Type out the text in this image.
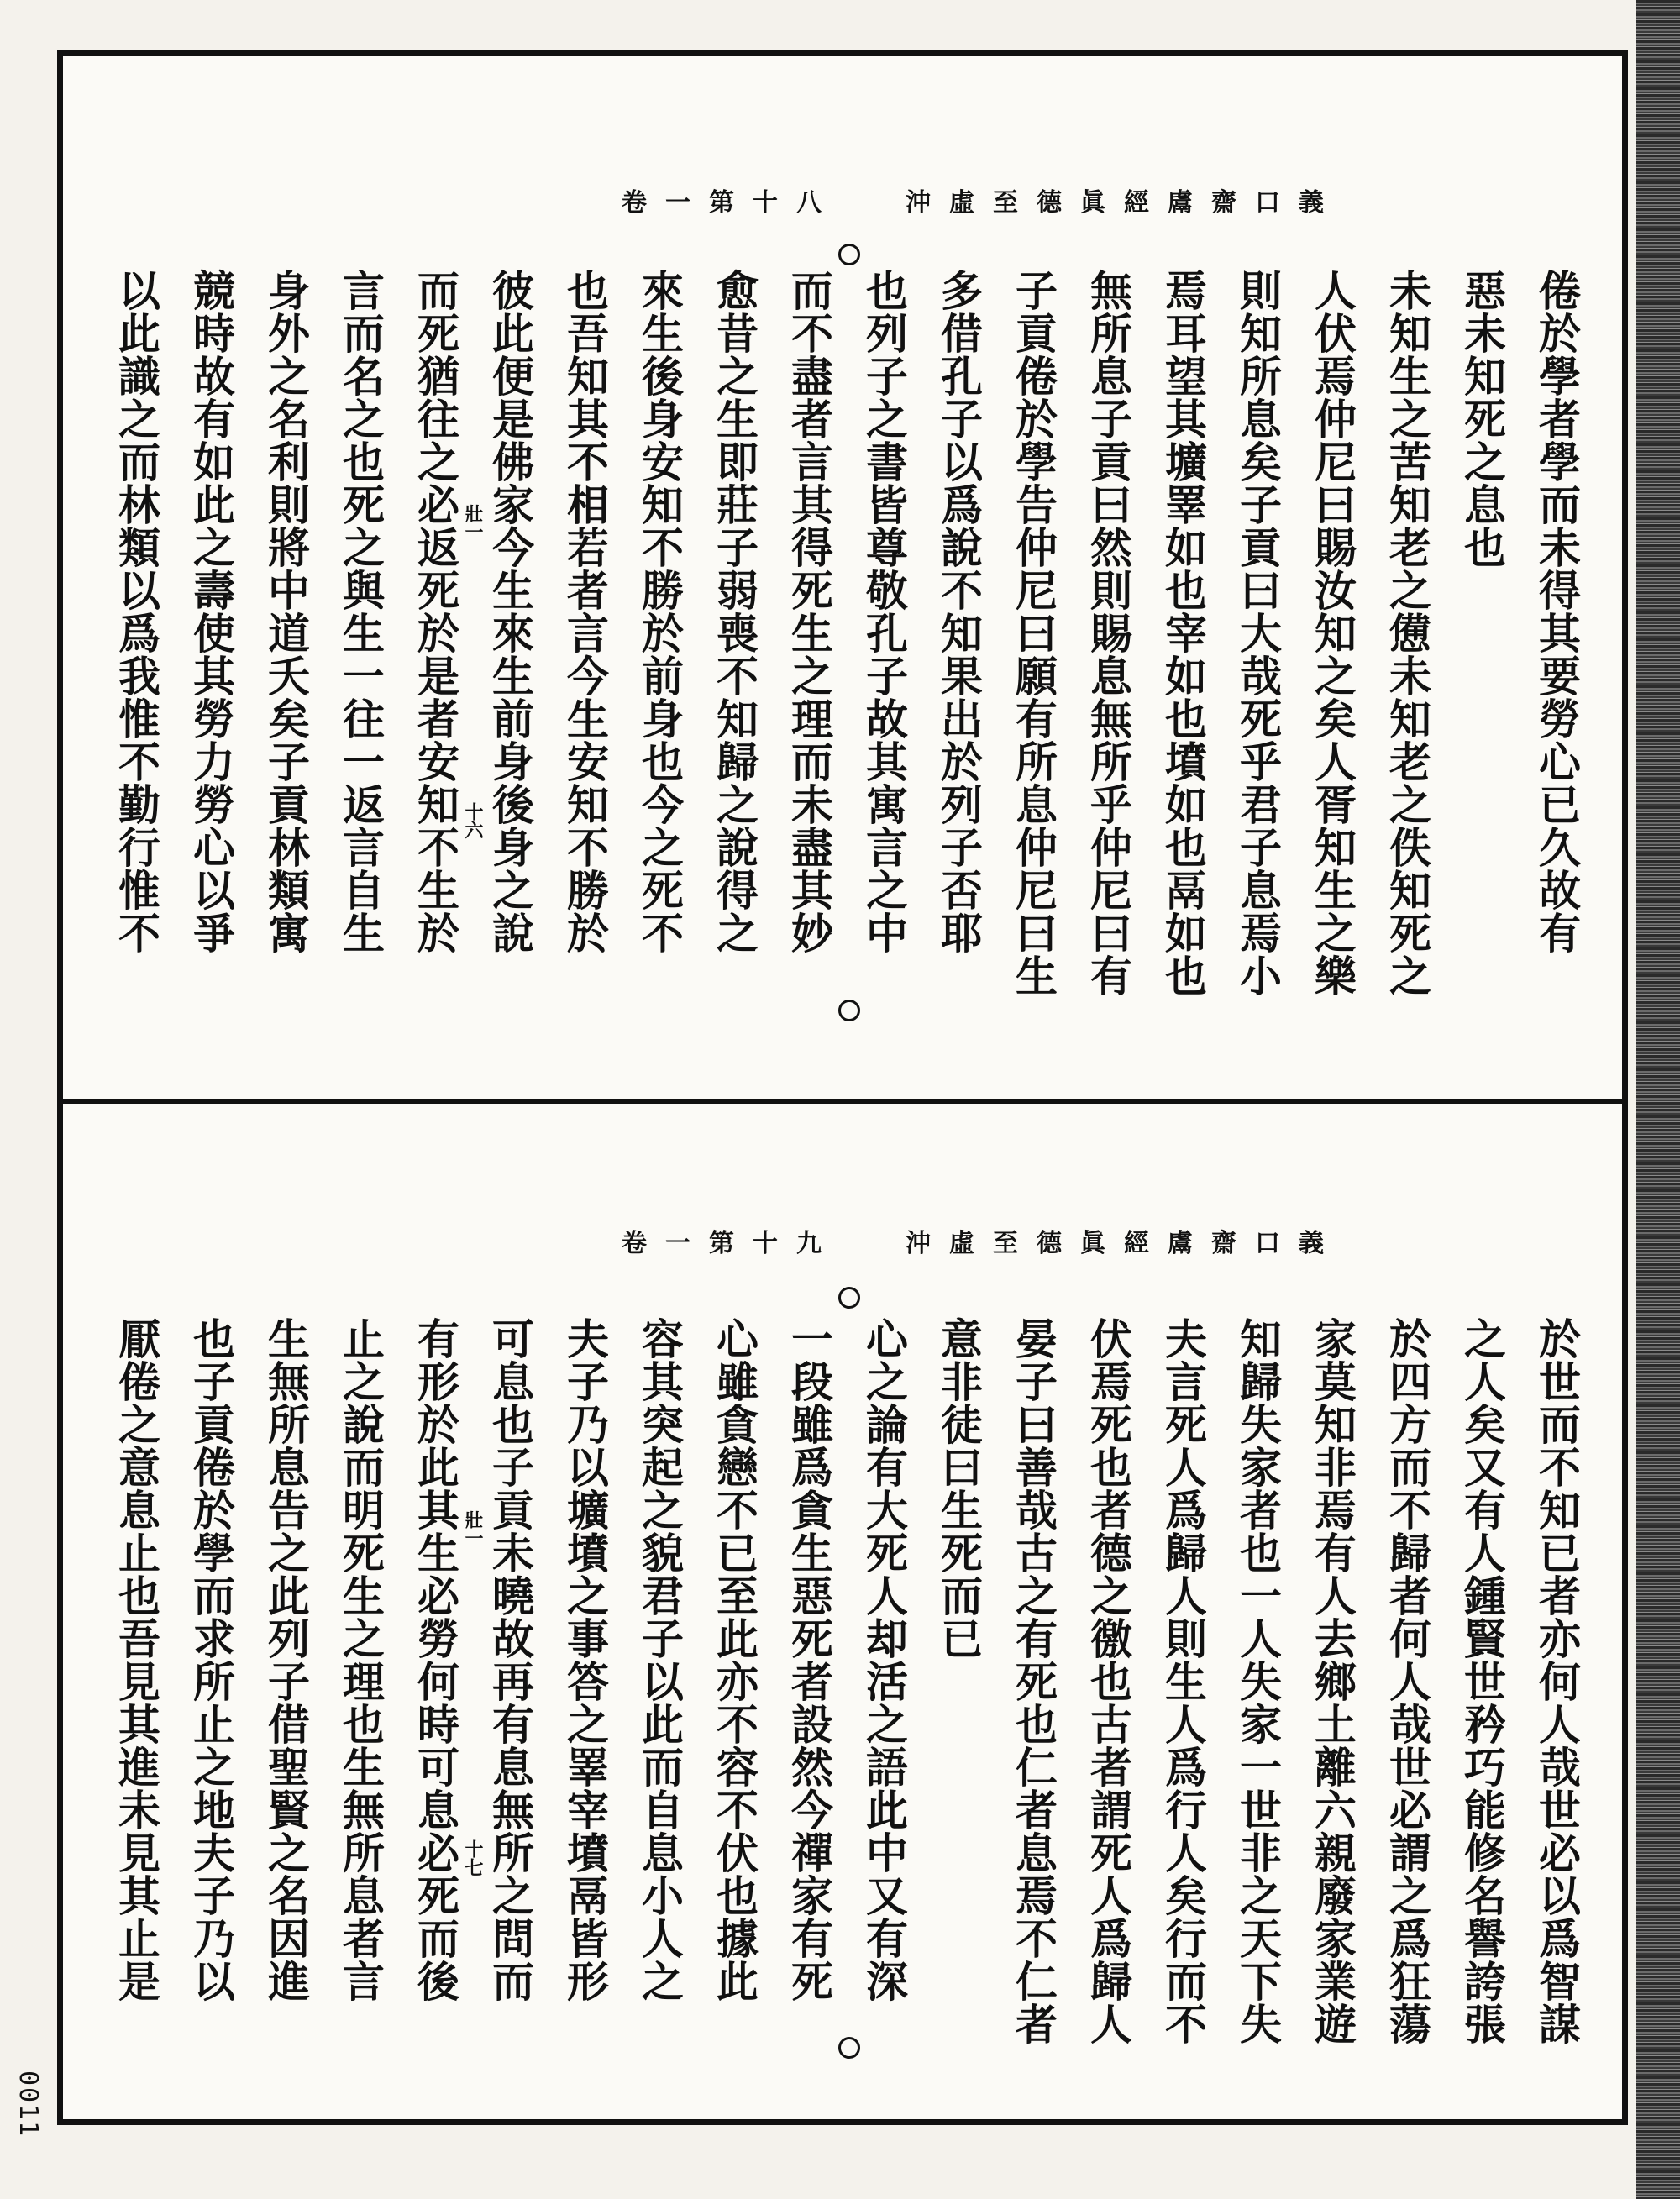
沖虛至德眞經鬳齋口義
卷一第十八
倦於學者學而未得其要勞心已久故有
惡未知死之息也
未知生之苦知老之憊未知老之佚知死之
人伏焉仲尼曰賜汝知之矣人胥知生之樂
則知所息矣子貢曰大哉死乎君子息焉小
焉耳望其壙睪如也宰如也墳如也鬲如也
無所息子貢曰然則賜息無所乎仲尼曰有
子貢倦於學告仲尼曰願有所息仲尼曰生
多借孔子以爲說不知果出於列子否耶
也列子之書皆尊敬孔子故其寓言之中
而不盡者言其得死生之理而未盡其妙
愈昔之生即莊子弱喪不知歸之說得之
來生後身安知不勝於前身也今之死不
也吾知其不相若者言今生安知不勝於
彼此便是佛家今生來生前身後身之說
而死猶往之必返死於是者安知不生於
言而名之也死之與生一往一返言自生
身外之名利則將中道夭矣子貢林類寓
競時故有如此之壽使其勞力勞心以爭
以此識之而林類以爲我惟不勤行惟不	壯一
十六
沖虛至德眞經鬳齋口義
卷一第十九
於世而不知已者亦何人哉世必以爲智謀
之人矣又有人鍾賢世矜巧能修名譽誇張
於四方而不歸者何人哉世必謂之爲狂蕩
家莫知非焉有人去鄉土離六親廢家業遊
知歸失家者也一人失家一世非之天下失
夫言死人爲歸人則生人爲行人矣行而不
伏焉死也者德之徼也古者謂死人爲歸人
晏子曰善哉古之有死也仁者息焉不仁者
意非徒曰生死而已
心之論有大死人却活之語此中又有深
一段雖爲貪生惡死者設然今禪家有死
心雖貪戀不已至此亦不容不伏也據此
容其突起之貌君子以此而自息小人之
夫子乃以壙墳之事答之睪宰墳鬲皆形
可息也子貢未曉故再有息無所之問而
有形於此其生必勞何時可息必死而後
止之說而明死生之理也生無所息者言
生無所息告之此列子借聖賢之名因進
也子貢倦於學而求所止之地夫子乃以
厭倦之意息止也吾見其進未見其止是	壯一
十七
0011
